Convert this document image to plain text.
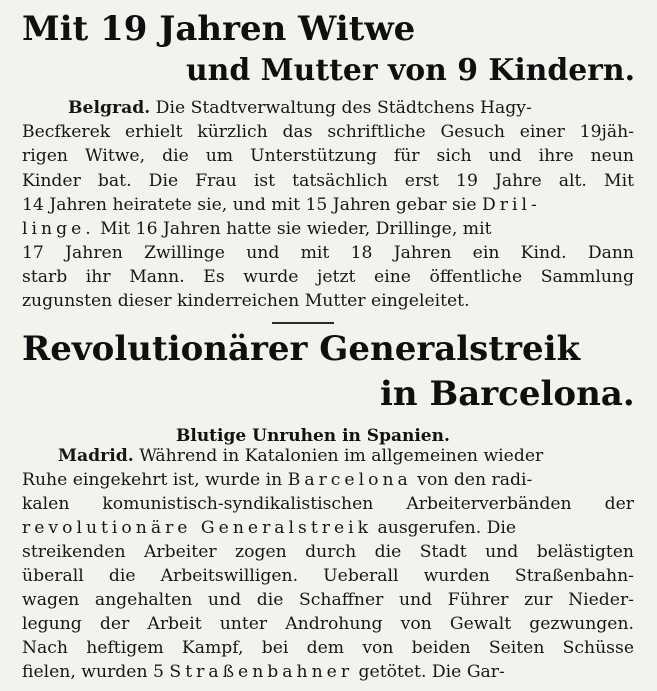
Mit 19 Jahren Witwe
und Mutter von 9 Kindern.
Belgrad. Die Stadtverwaltung des Städtchens Hagy-
Becfkerek erhielt kürzlich das schriftliche Gesuch einer 19jäh-
rigen Witwe, die um Unterstützung für sich und ihre neun
Kinder bat. Die Frau ist tatsächlich erst 19 Jahre alt. Mit
14 Jahren heiratete sie, und mit 15 Jahren gebar sie Dril-
linge. Mit 16 Jahren hatte sie wieder, Drillinge, mit
17 Jahren Zwillinge und mit 18 Jahren ein Kind. Dann
starb ihr Mann. Es wurde jetzt eine öffentliche Sammlung
zugunsten dieser kinderreichen Mutter eingeleitet.
Revolutionärer Generalstreik
in Barcelona.
Blutige Unruhen in Spanien.
Madrid. Während in Katalonien im allgemeinen wieder
Ruhe eingekehrt ist, wurde in Barcelona von den radi-
kalen komunistisch-syndikalistischen Arbeiterverbänden der
revolutionäre Generalstreik ausgerufen. Die
streikenden Arbeiter zogen durch die Stadt und belästigten
überall die Arbeitswilligen. Ueberall wurden Straßenbahn-
wagen angehalten und die Schaffner und Führer zur Nieder-
legung der Arbeit unter Androhung von Gewalt gezwungen.
Nach heftigem Kampf, bei dem von beiden Seiten Schüsse
fielen, wurden 5 Straßenbahner getötet. Die Gar-
